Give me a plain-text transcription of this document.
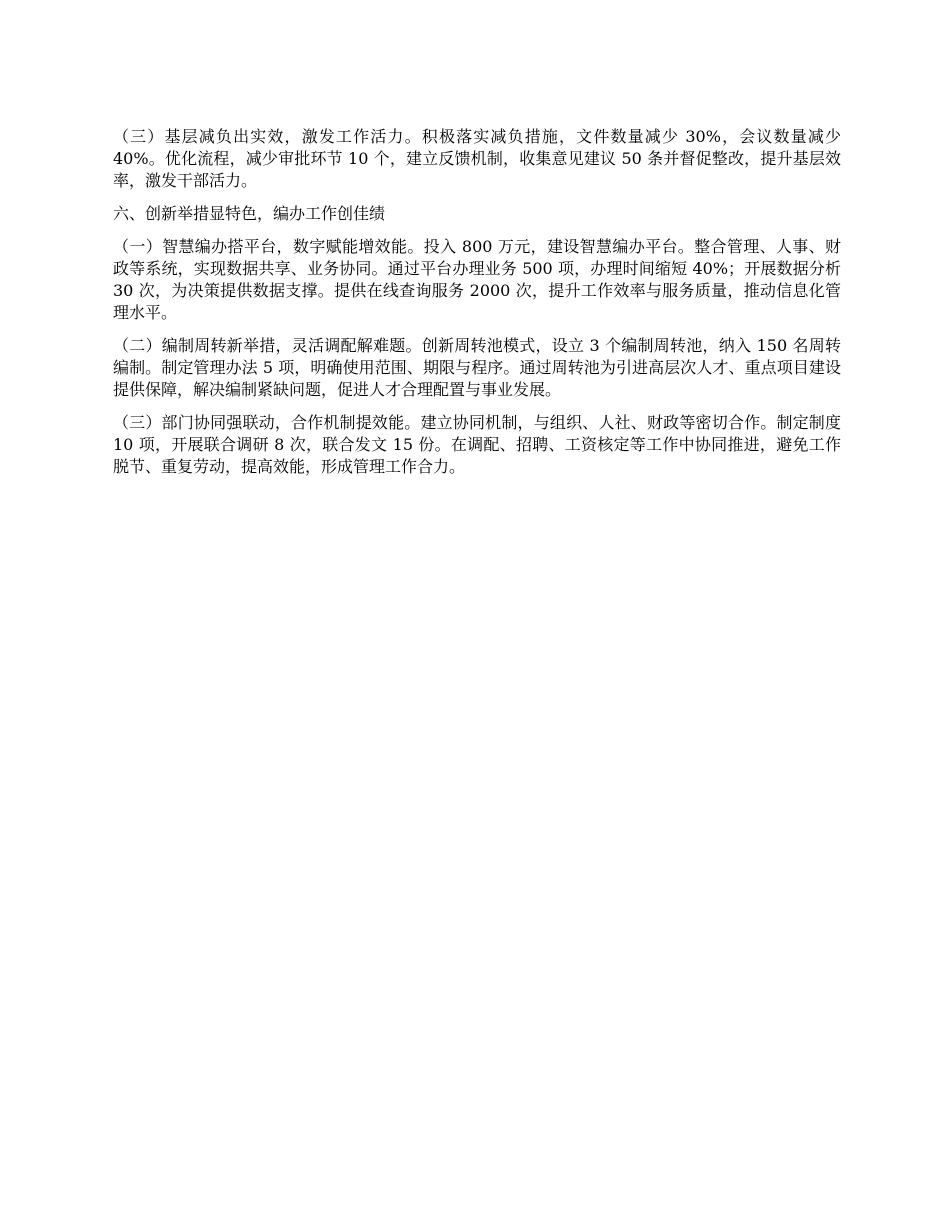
（三）基层减负出实效，激发工作活力。积极落实减负措施，文件数量减少 30%，会议数量减少 40%。优化流程，减少审批环节 10 个，建立反馈机制，收集意见建议 50 条并督促整改，提升基层效率，激发干部活力。

六、创新举措显特色，编办工作创佳绩

（一）智慧编办搭平台，数字赋能增效能。投入 800 万元，建设智慧编办平台。整合管理、人事、财政等系统，实现数据共享、业务协同。通过平台办理业务 500 项，办理时间缩短 40%；开展数据分析 30 次，为决策提供数据支撑。提供在线查询服务 2000 次，提升工作效率与服务质量，推动信息化管理水平。

（二）编制周转新举措，灵活调配解难题。创新周转池模式，设立 3 个编制周转池，纳入 150 名周转编制。制定管理办法 5 项，明确使用范围、期限与程序。通过周转池为引进高层次人才、重点项目建设提供保障，解决编制紧缺问题，促进人才合理配置与事业发展。

（三）部门协同强联动，合作机制提效能。建立协同机制，与组织、人社、财政等密切合作。制定制度 10 项，开展联合调研 8 次，联合发文 15 份。在调配、招聘、工资核定等工作中协同推进，避免工作脱节、重复劳动，提高效能，形成管理工作合力。
